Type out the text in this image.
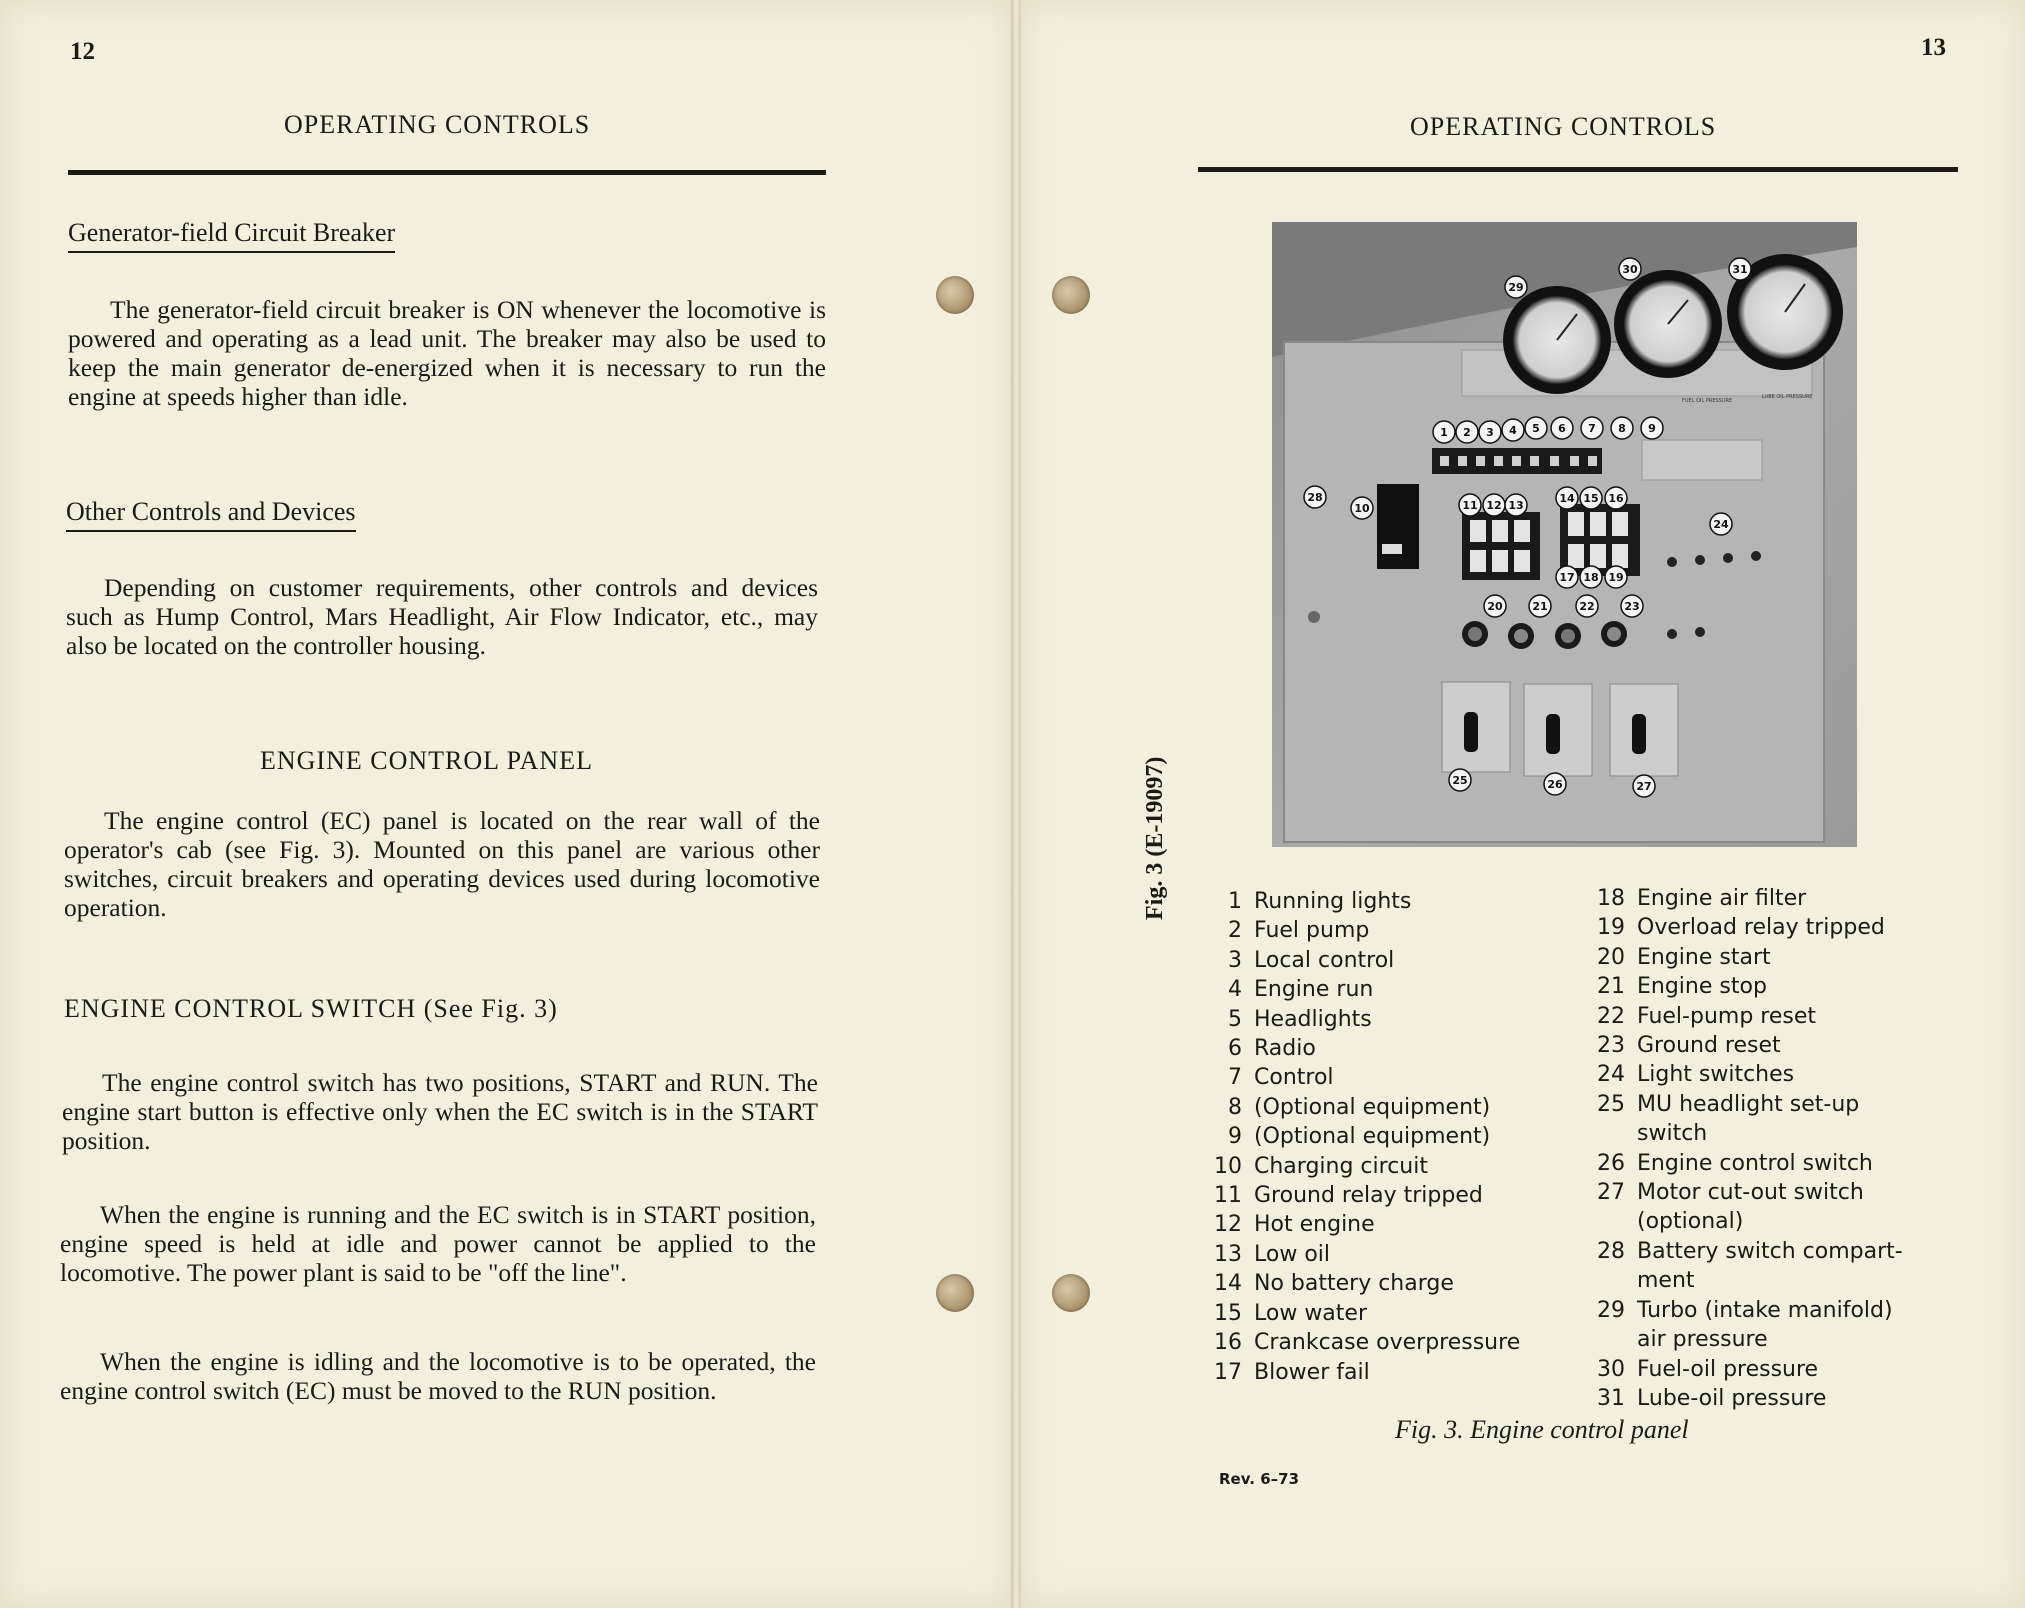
12
OPERATING CONTROLS
Generator-field Circuit Breaker
The generator-field circuit breaker is ON whenever the locomotive is powered and operating as a lead unit. The breaker may also be used to keep the main generator de-energized when it is necessary to run the engine at speeds higher than idle.
Other Controls and Devices
Depending on customer requirements, other controls and devices such as Hump Control, Mars Headlight, Air Flow Indicator, etc., may also be located on the controller housing.
ENGINE CONTROL PANEL
The engine control (EC) panel is located on the rear wall of the operator's cab (see Fig. 3). Mounted on this panel are various other switches, circuit breakers and operating devices used during locomotive operation.
ENGINE CONTROL SWITCH (See Fig. 3)
The engine control switch has two positions, START and RUN. The engine start button is effective only when the EC switch is in the START position.
When the engine is running and the EC switch is in START position, engine speed is held at idle and power cannot be applied to the locomotive. The power plant is said to be "off the line".
When the engine is idling and the locomotive is to be operated, the engine control switch (EC) must be moved to the RUN position.
13
OPERATING CONTROLS
Fig. 3 (E-19097)
FUEL OIL PRESSURE
LUBE OIL PRESSURE
29
30	31
1 2 3 4 5 6 7 8 9
28
10	11 12 13
14 15 16
24
17 18 19
20	21	22	23
25	26	27
1 Running lights
2 Fuel pump
3 Local control
4 Engine run
5 Headlights
6 Radio
7 Control
8 (Optional equipment)
9 (Optional equipment)
10 Charging circuit
11 Ground relay tripped
12 Hot engine
13 Low oil
14 No battery charge
15 Low water
16 Crankcase overpressure
17 Blower fail
18 Engine air filter
19 Overload relay tripped
20 Engine start
21 Engine stop
22 Fuel-pump reset
23 Ground reset
24 Light switches
25 MU headlight set-up
switch
26 Engine control switch
27 Motor cut-out switch
(optional)
28 Battery switch compart-
ment
29 Turbo (intake manifold)
air pressure
30 Fuel-oil pressure
31 Lube-oil pressure
Fig. 3. Engine control panel
Rev. 6–73
